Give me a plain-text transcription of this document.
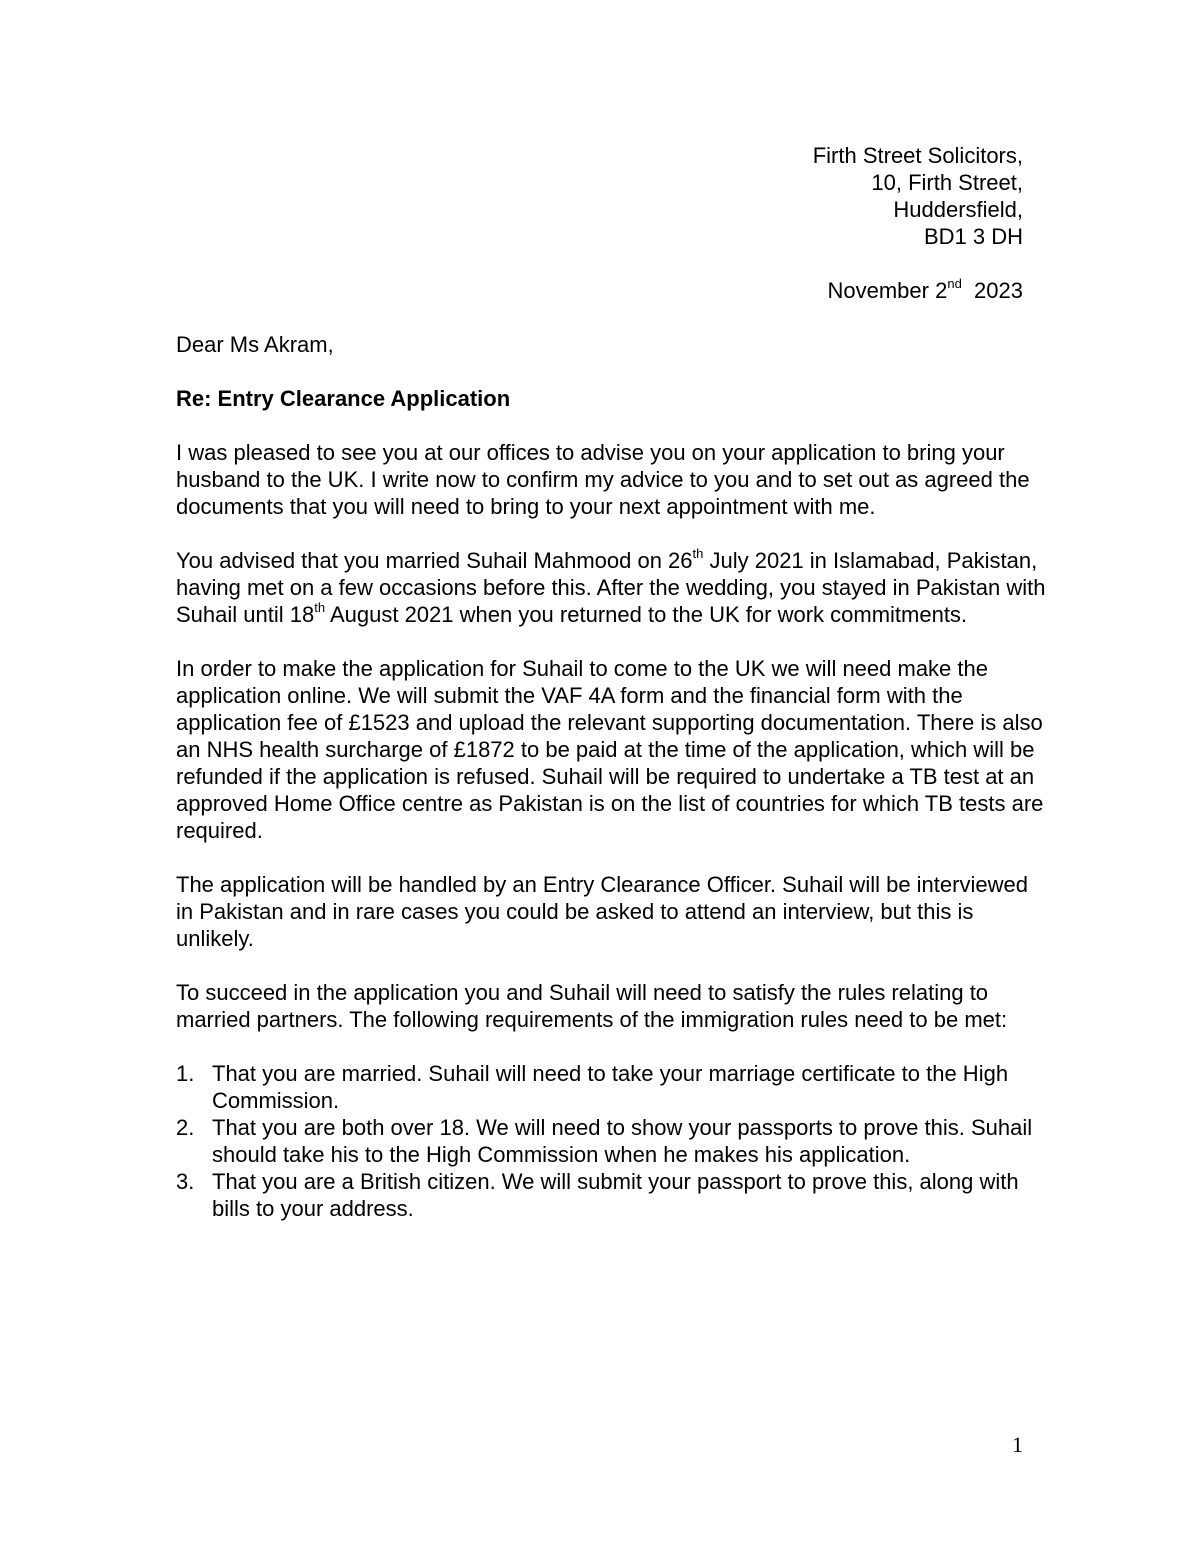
Firth Street Solicitors,
10, Firth Street,
Huddersfield,
BD1 3 DH
November 2nd 2023

Dear Ms Akram,

Re: Entry Clearance Application

I was pleased to see you at our offices to advise you on your application to bring your husband to the UK. I write now to confirm my advice to you and to set out as agreed the documents that you will need to bring to your next appointment with me.

You advised that you married Suhail Mahmood on 26th July 2021 in Islamabad, Pakistan, having met on a few occasions before this. After the wedding, you stayed in Pakistan with Suhail until 18th August 2021 when you returned to the UK for work commitments.

In order to make the application for Suhail to come to the UK we will need make the application online. We will submit the VAF 4A form and the financial form with the application fee of £1523 and upload the relevant supporting documentation. There is also an NHS health surcharge of £1872 to be paid at the time of the application, which will be refunded if the application is refused. Suhail will be required to undertake a TB test at an approved Home Office centre as Pakistan is on the list of countries for which TB tests are required.

The application will be handled by an Entry Clearance Officer. Suhail will be interviewed in Pakistan and in rare cases you could be asked to attend an interview, but this is unlikely.

To succeed in the application you and Suhail will need to satisfy the rules relating to married partners. The following requirements of the immigration rules need to be met:

1. That you are married. Suhail will need to take your marriage certificate to the High Commission.
2. That you are both over 18. We will need to show your passports to prove this. Suhail should take his to the High Commission when he makes his application.
3. That you are a British citizen. We will submit your passport to prove this, along with bills to your address.
1
